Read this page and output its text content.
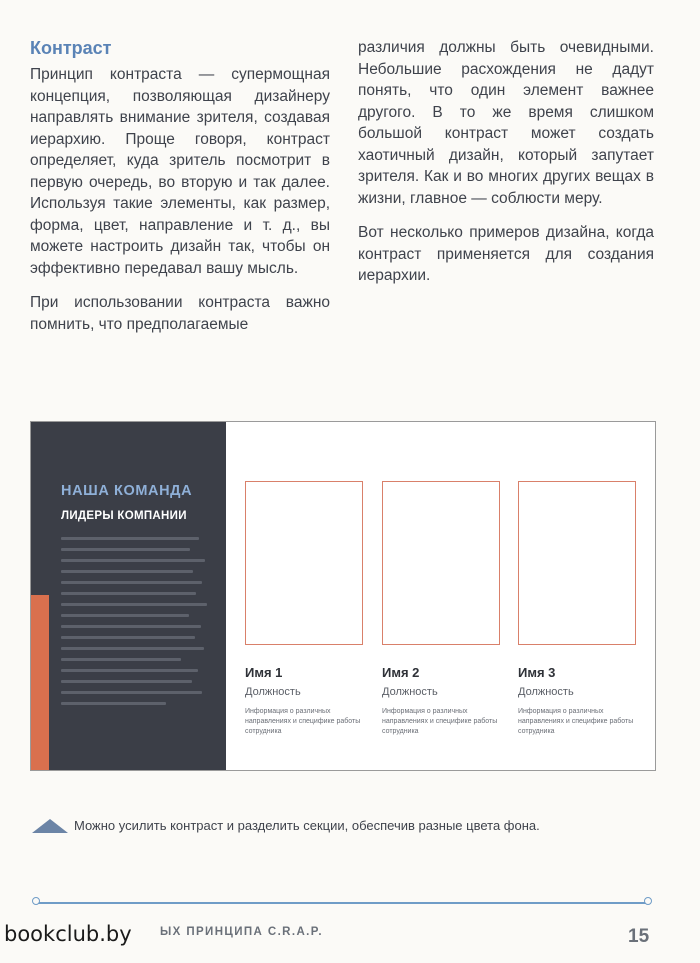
Контраст

Принцип контраста — супермощная концепция, позволяющая дизайнеру направлять внимание зрителя, создавая иерархию. Проще говоря, контраст определяет, куда зритель посмотрит в первую очередь, во вторую и так далее. Используя такие элементы, как размер, форма, цвет, направление и т. д., вы можете настроить дизайн так, чтобы он эффективно передавал вашу мысль.

При использовании контраста важно помнить, что предполагаемые

различия должны быть очевидными. Небольшие расхождения не дадут понять, что один элемент важнее другого. В то же время слишком большой контраст может создать хаотичный дизайн, который запутает зрителя. Как и во многих других вещах в жизни, главное — соблюсти меру.

Вот несколько примеров дизайна, когда контраст применяется для создания иерархии.

НАША КОМАНДА
ЛИДЕРЫ КОМПАНИИ
Имя 1
Должность
Информация о различных направлениях и специфике работы сотрудника
Имя 2
Должность
Информация о различных направлениях и специфике работы сотрудника
Имя 3
Должность
Информация о различных направлениях и специфике работы сотрудника
Можно усилить контраст и разделить секции, обеспечив разные цвета фона.
ЫХ ПРИНЦИПА C.R.A.P.
bookclub.by	15
